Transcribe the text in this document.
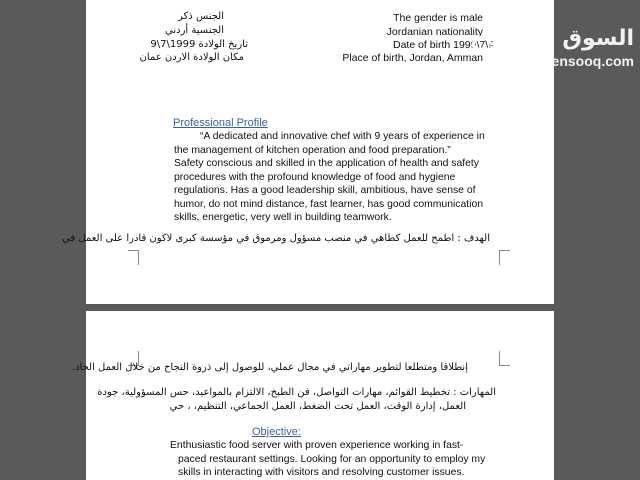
الجنس ذكر
الجنسية أردني
تاريخ الولادة 1999\7\9
مكان الولادة الاردن عمان
The gender is male
Jordanian nationality
Date of birth 1999\7\9
Place of birth, Jordan, Amman
Professional Profile
“A dedicated and innovative chef with 9 years of experience in
the management of kitchen operation and food preparation.”
Safety conscious and skilled in the application of health and safety
procedures with the profound knowledge of food and hygiene
regulations. Has a good leadership skill, ambitious, have sense of
humor, do not mind distance, fast learner, has good communication
skills, energetic, very well in building teamwork.
الهدف : اطمح للعمل كطاهي في منصب مسؤول ومرموق في مؤسسة كبرى لاكون قادرا على العمل في
إنطلاقا ومتطلعا لتطوير مهاراتي في مجال عملي، للوصول إلى ذروة النجاح من خلال العمل الجاد.
المهارات : تخطيط القوائم، مهارات التواصل، فن الطبخ، الالتزام بالمواعيد، حس المسؤولية، جودة
العمل، إدارة الوقت، العمل تحت الضغط، العمل الجماعي، التنظيم، ، حي
Objective:
Enthusiastic food server with proven experience working in fast-
paced restaurant settings. Looking for an opportunity to employ my
skills in interacting with visitors and resolving customer issues.
السوق المفتوح
opensooq.com
